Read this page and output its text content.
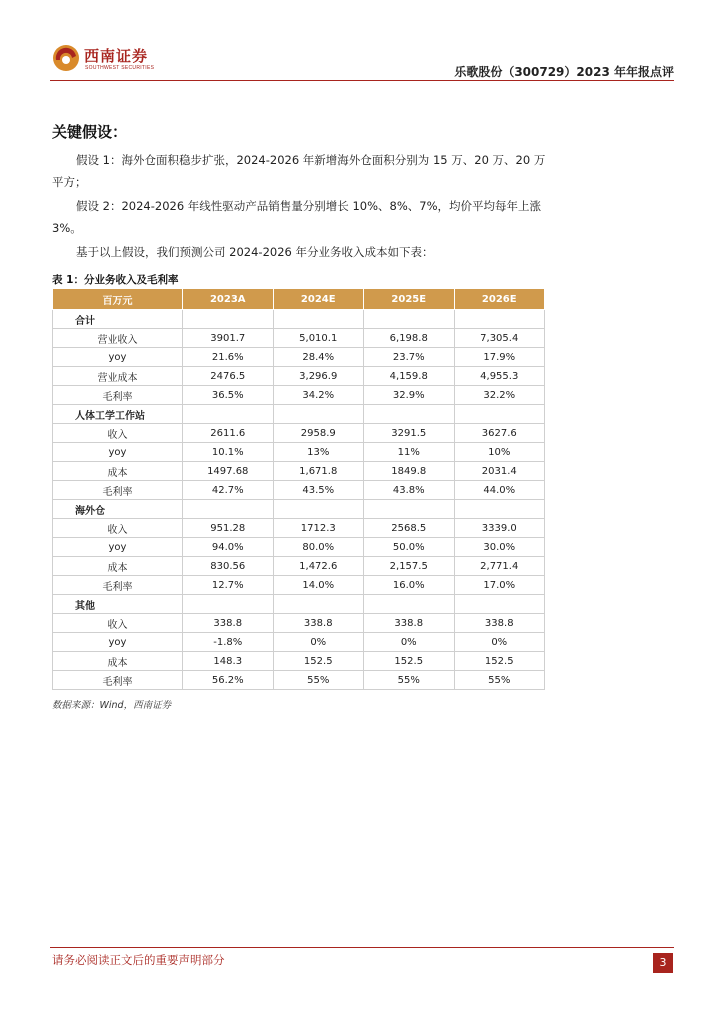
西南证券
SOUTHWEST SECURITIES	乐歌股份（300729）2023 年年报点评
关键假设：
假设 1：海外仓面积稳步扩张，2024-2026 年新增海外仓面积分别为 15 万、20 万、20 万平方；
假设 2：2024-2026 年线性驱动产品销售量分别增长 10%、8%、7%，均价平均每年上涨 3%。
基于以上假设，我们预测公司 2024-2026 年分业务收入成本如下表：
表 1：分业务收入及毛利率
百万元	2023A	2024E	2025E	2026E
合计				
营业收入	3901.7	5,010.1	6,198.8	7,305.4
yoy	21.6%	28.4%	23.7%	17.9%
营业成本	2476.5	3,296.9	4,159.8	4,955.3
毛利率	36.5%	34.2%	32.9%	32.2%
人体工学工作站				
收入	2611.6	2958.9	3291.5	3627.6
yoy	10.1%	13%	11%	10%
成本	1497.68	1,671.8	1849.8	2031.4
毛利率	42.7%	43.5%	43.8%	44.0%
海外仓				
收入	951.28	1712.3	2568.5	3339.0
yoy	94.0%	80.0%	50.0%	30.0%
成本	830.56	1,472.6	2,157.5	2,771.4
毛利率	12.7%	14.0%	16.0%	17.0%
其他				
收入	338.8	338.8	338.8	338.8
yoy	-1.8%	0%	0%	0%
成本	148.3	152.5	152.5	152.5
毛利率	56.2%	55%	55%	55%
数据来源：Wind，西南证券
请务必阅读正文后的重要声明部分	3
